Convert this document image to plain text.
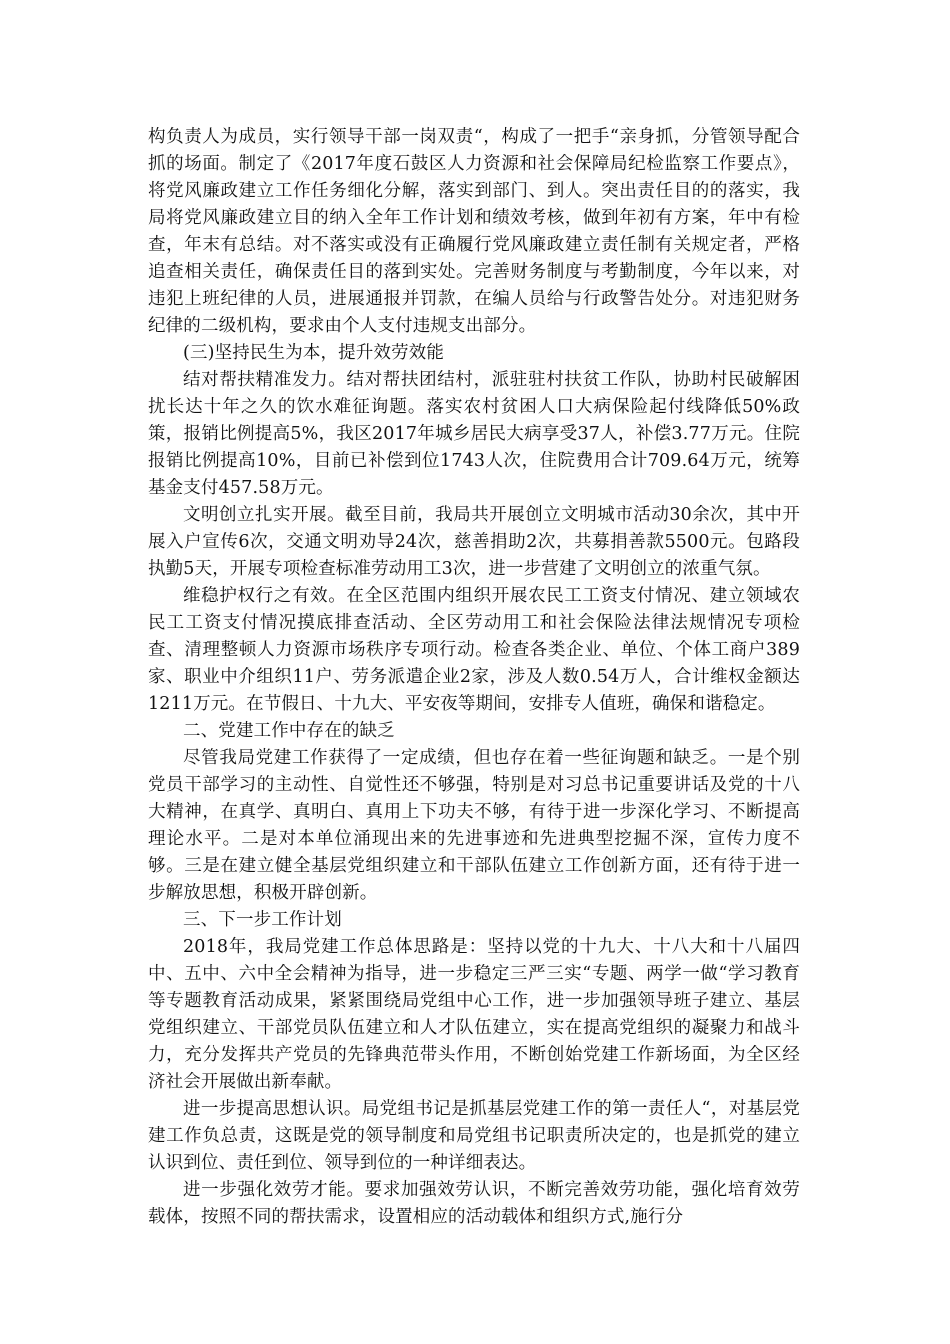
构负责人为成员，实行领导干部一岗双责“，构成了一把手“亲身抓，分管领导配合抓的场面。制定了《2017年度石鼓区人力资源和社会保障局纪检监察工作要点》，将党风廉政建立工作任务细化分解，落实到部门、到人。突出责任目的的落实，我局将党风廉政建立目的纳入全年工作计划和绩效考核，做到年初有方案，年中有检查，年末有总结。对不落实或没有正确履行党风廉政建立责任制有关规定者，严格追查相关责任，确保责任目的落到实处。完善财务制度与考勤制度，今年以来，对违犯上班纪律的人员，进展通报并罚款，在编人员给与行政警告处分。对违犯财务纪律的二级机构，要求由个人支付违规支出部分。

(三)坚持民生为本，提升效劳效能

结对帮扶精准发力。结对帮扶团结村，派驻驻村扶贫工作队，协助村民破解困扰长达十年之久的饮水难征询题。落实农村贫困人口大病保险起付线降低50%政策，报销比例提高5%，我区2017年城乡居民大病享受37人，补偿3.77万元。住院报销比例提高10%，目前已补偿到位1743人次，住院费用合计709.64万元，统筹基金支付457.58万元。

文明创立扎实开展。截至目前，我局共开展创立文明城市活动30余次，其中开展入户宣传6次，交通文明劝导24次，慈善捐助2次，共募捐善款5500元。包路段执勤5天，开展专项检查标准劳动用工3次，进一步营建了文明创立的浓重气氛。

维稳护权行之有效。在全区范围内组织开展农民工工资支付情况、建立领域农民工工资支付情况摸底排查活动、全区劳动用工和社会保险法律法规情况专项检查、清理整顿人力资源市场秩序专项行动。检查各类企业、单位、个体工商户389家、职业中介组织11户、劳务派遣企业2家，涉及人数0.54万人，合计维权金额达1211万元。在节假日、十九大、平安夜等期间，安排专人值班，确保和谐稳定。

二、党建工作中存在的缺乏

尽管我局党建工作获得了一定成绩，但也存在着一些征询题和缺乏。一是个别党员干部学习的主动性、自觉性还不够强，特别是对习总书记重要讲话及党的十八大精神，在真学、真明白、真用上下功夫不够，有待于进一步深化学习、不断提高理论水平。二是对本单位涌现出来的先进事迹和先进典型挖掘不深，宣传力度不够。三是在建立健全基层党组织建立和干部队伍建立工作创新方面，还有待于进一步解放思想，积极开辟创新。

三、下一步工作计划

2018年，我局党建工作总体思路是：坚持以党的十九大、十八大和十八届四中、五中、六中全会精神为指导，进一步稳定三严三实“专题、两学一做“学习教育等专题教育活动成果，紧紧围绕局党组中心工作，进一步加强领导班子建立、基层党组织建立、干部党员队伍建立和人才队伍建立，实在提高党组织的凝聚力和战斗力，充分发挥共产党员的先锋典范带头作用，不断创始党建工作新场面，为全区经济社会开展做出新奉献。

进一步提高思想认识。局党组书记是抓基层党建工作的第一责任人“，对基层党建工作负总责，这既是党的领导制度和局党组书记职责所决定的，也是抓党的建立认识到位、责任到位、领导到位的一种详细表达。

进一步强化效劳才能。要求加强效劳认识，不断完善效劳功能，强化培育效劳载体，按照不同的帮扶需求，设置相应的活动载体和组织方式,施行分
